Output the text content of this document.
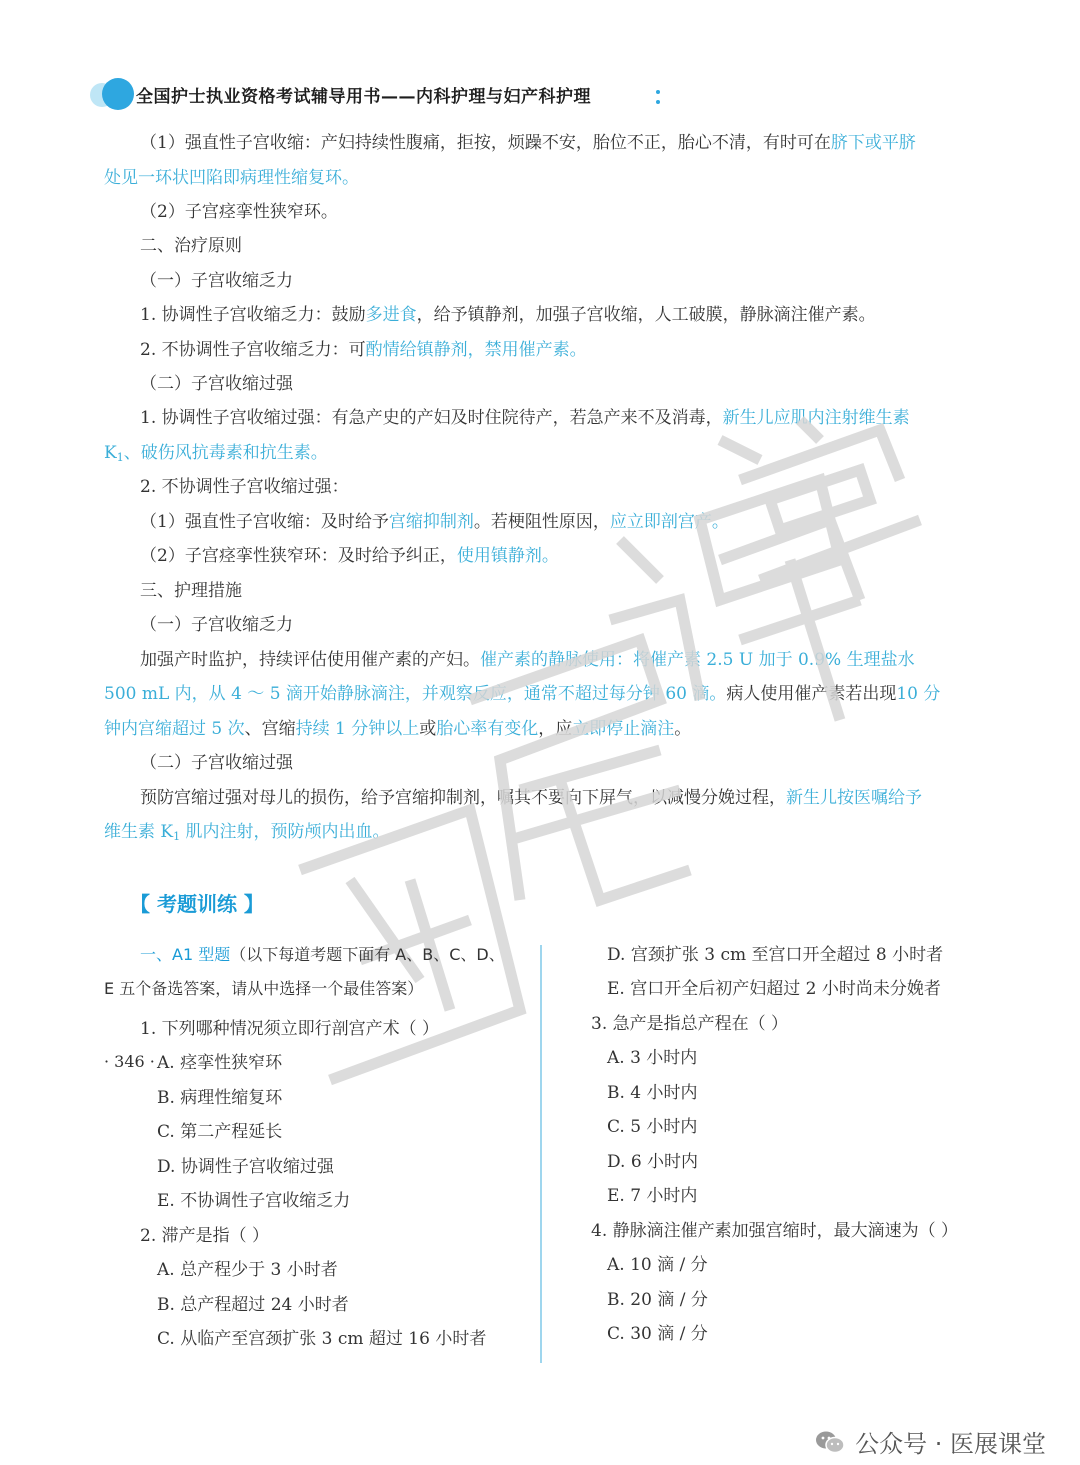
全国护士执业资格考试辅导用书——内科护理与妇产科护理
（1）强直性子宫收缩：产妇持续性腹痛，拒按，烦躁不安，胎位不正，胎心不清，有时可在脐下或平脐
处见一环状凹陷即病理性缩复环。
（2）子宫痉挛性狭窄环。
二、治疗原则
（一）子宫收缩乏力
1. 协调性子宫收缩乏力：鼓励多进食，给予镇静剂，加强子宫收缩，人工破膜，静脉滴注催产素。
2. 不协调性子宫收缩乏力：可酌情给镇静剂，禁用催产素。
（二）子宫收缩过强
1. 协调性子宫收缩过强：有急产史的产妇及时住院待产，若急产来不及消毒，新生儿应肌内注射维生素
$K_1$、破伤风抗毒素和抗生素。
2. 不协调性子宫收缩过强：
（1）强直性子宫收缩：及时给予宫缩抑制剂。若梗阻性原因，应立即剖宫产。
（2）子宫痉挛性狭窄环：及时给予纠正，使用镇静剂。
三、护理措施
（一）子宫收缩乏力
加强产时监护，持续评估使用催产素的产妇。催产素的静脉使用：将催产素 2.5 U 加于 0.9% 生理盐水
500 mL 内，从 4 ～ 5 滴开始静脉滴注，并观察反应，通常不超过每分钟 60 滴。病人使用催产素若出现10 分
钟内宫缩超过 5 次、宫缩持续 1 分钟以上或胎心率有变化，应立即停止滴注。
（二）子宫收缩过强
预防宫缩过强对母儿的损伤，给予宫缩抑制剂，嘱其不要向下屏气，以减慢分娩过程，新生儿按医嘱给予
维生素 $K_1$ 肌内注射，预防颅内出血。
医展课堂
【 考题训练 】
一、A1 型题（以下每道考题下面有 A、B、C、D、
E 五个备选答案，请从中选择一个最佳答案）
1. 下列哪种情况须立即行剖宫产术（ ）
A. 痉挛性狭窄环
B. 病理性缩复环
C. 第二产程延长
D. 协调性子宫收缩过强
E. 不协调性子宫收缩乏力
2. 滞产是指（ ）
A. 总产程少于 3 小时者
B. 总产程超过 24 小时者
C. 从临产至宫颈扩张 3 cm 超过 16 小时者
D. 宫颈扩张 3 cm 至宫口开全超过 8 小时者
E. 宫口开全后初产妇超过 2 小时尚未分娩者
3. 急产是指总产程在（ ）
A. 3 小时内
B. 4 小时内
C. 5 小时内
D. 6 小时内
E. 7 小时内
4. 静脉滴注催产素加强宫缩时，最大滴速为（ ）
A. 10 滴 / 分
B. 20 滴 / 分
C. 30 滴 / 分
· 346 ·
公众号 · 医展课堂
